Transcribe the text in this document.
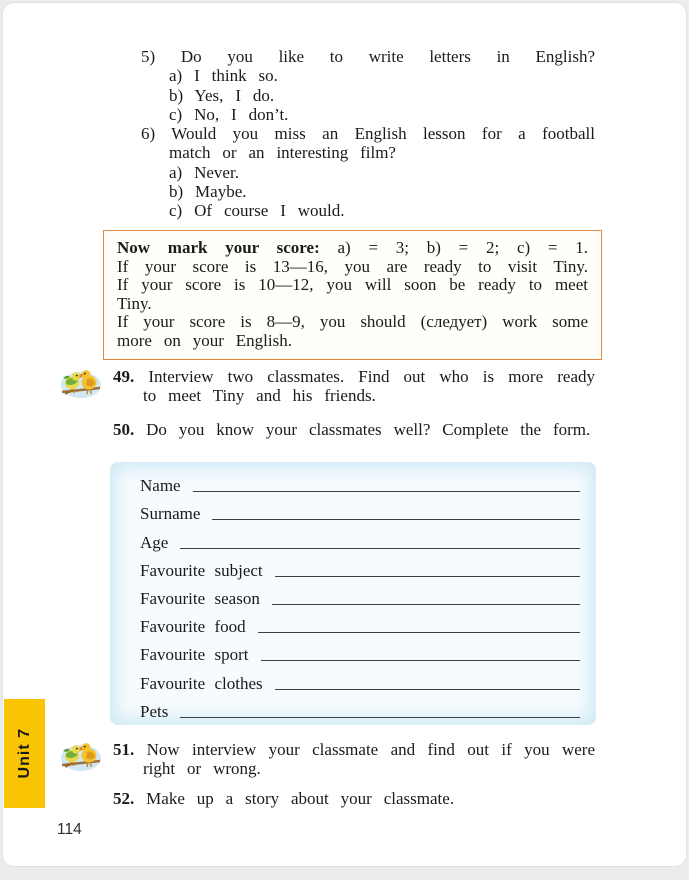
5) Do you like to write letters in English?

a) I think so.

b) Yes, I do.

c) No, I don’t.

6) Would you miss an English lesson for a football match or an interesting film?

a) Never.

b) Maybe.

c) Of course I would.

Now mark your score: a) = 3; b) = 2; c) = 1.

If your score is 13—16, you are ready to visit Tiny.

If your score is 10—12, you will soon be ready to meet Tiny.

If your score is 8—9, you should (следует) work some more on your English.

49. Interview two classmates. Find out who is more ready to meet Tiny and his friends.

50. Do you know your classmates well? Complete the form.

Name
Surname
Age
Favourite subject
Favourite season
Favourite food
Favourite sport
Favourite clothes
Pets

51. Now interview your classmate and find out if you were right or wrong.

52. Make up a story about your classmate.

Unit 7
114
